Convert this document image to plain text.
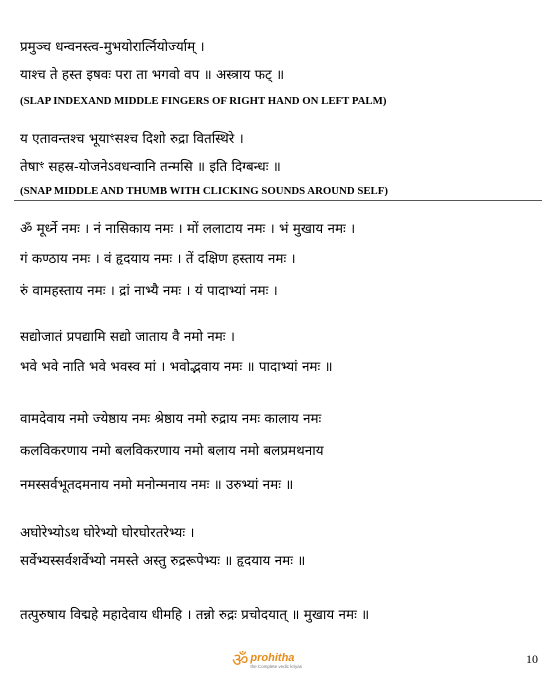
प्रमुञ्च धन्वनस्त्व-मुभयोरार्त्नियोर्ज्याम् ।
याश्च ते हस्त इषवः परा ता भगवो वप ॥ अस्त्राय फट् ॥
(SLAP INDEXAND MIDDLE FINGERS OF RIGHT HAND ON LEFT PALM)
य एतावन्तश्च भूयाꣳसश्च दिशो रुद्रा वितस्थिरे ।
तेषाꣳ सहस्र-योजनेऽवधन्वानि तन्मसि ॥ इति दिग्बन्धः ॥
(SNAP MIDDLE AND THUMB WITH CLICKING SOUNDS AROUND SELF)
ॐ मूर्ध्ने नमः । नं नासिकाय नमः । मों ललाटाय नमः । भं मुखाय नमः ।
गं कण्ठाय नमः । वं हृदयाय नमः । तें दक्षिण हस्ताय नमः ।
रुं वामहस्ताय नमः । द्रां नाभ्यै नमः । यं पादाभ्यां नमः ।
सद्योजातं प्रपद्यामि सद्यो जाताय वै नमो नमः ।
भवे भवे नाति भवे भवस्व मां । भवोद्भवाय नमः ॥ पादाभ्यां नमः ॥
वामदेवाय नमो ज्येष्ठाय नमः श्रेष्ठाय नमो रुद्राय नमः कालाय नमः
कलविकरणाय नमो बलविकरणाय नमो बलाय नमो बलप्रमथनाय
नमस्सर्वभूतदमनाय नमो मनोन्मनाय नमः ॥ उरुभ्यां नमः ॥
अघोरेभ्योऽथ घोरेभ्यो घोरघोरतरेभ्यः ।
सर्वेभ्यस्सर्वशर्वेभ्यो नमस्ते अस्तु रुद्ररूपेभ्यः ॥ हृदयाय नमः ॥
तत्पुरुषाय विद्महे महादेवाय धीमहि । तन्नो रुद्रः प्रचोदयात् ॥ मुखाय नमः ॥
ॐ prohitha
the Complete vedic kriyas	10
